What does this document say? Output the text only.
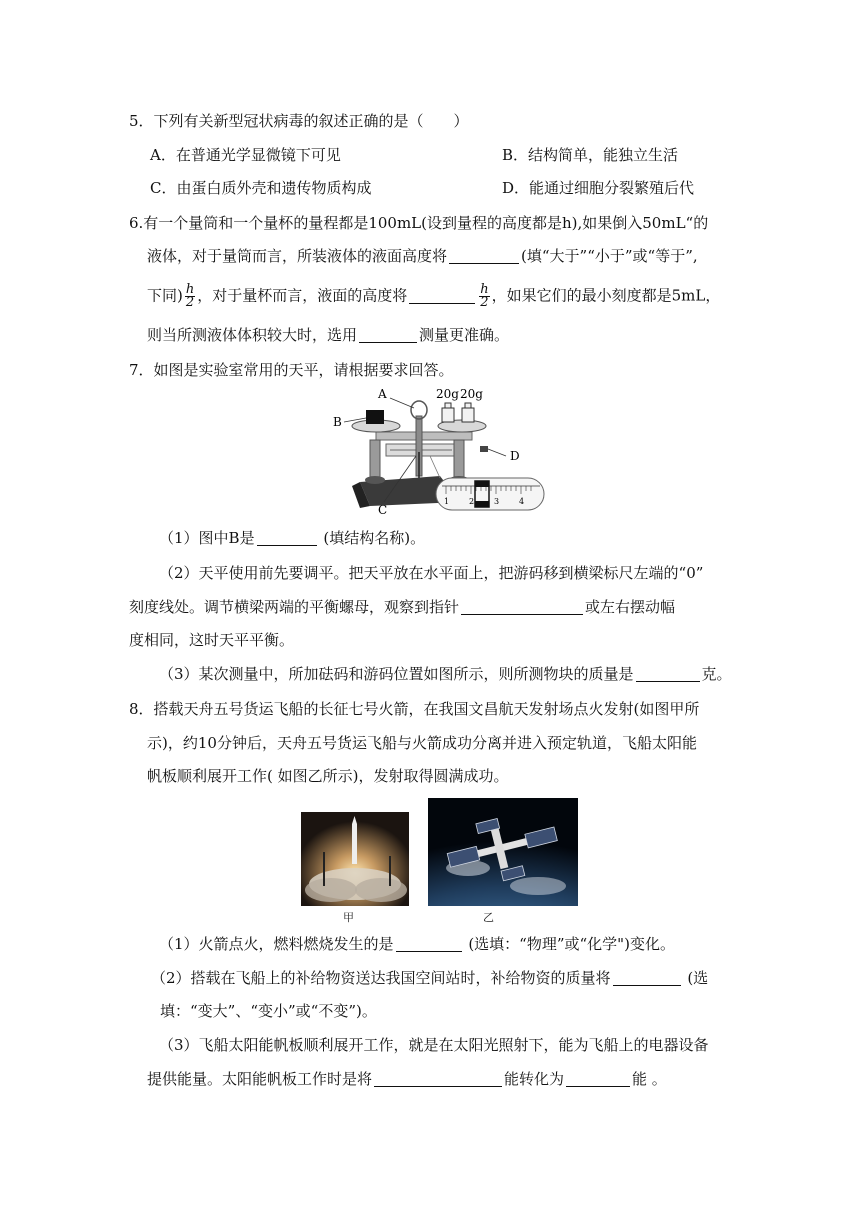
5．下列有关新型冠状病毒的叙述正确的是（　　）
A．在普通光学显微镜下可见	B．结构简单，能独立生活
C．由蛋白质外壳和遗传物质构成	D．能通过细胞分裂繁殖后代
6.有一个量筒和一个量杯的量程都是100mL(设到量程的高度都是h),如果倒入50mL“的
液体，对于量筒而言，所装液体的液面高度将	(填“大于”“小于”或“等于”,
下同) $\frac{h}{2}$ ，对于量杯而言，液面的高度将	$\frac{h}{2}$ ，如果它们的最小刻度都是5mL，
则当所测液体体积较大时，选用	测量更准确。
7．如图是实验室常用的天平，请根据要求回答。
B
A	20g 20g
D
C
1 2 3 4
（1）图中B是	(填结构名称)。
（2）天平使用前先要调平。把天平放在水平面上，把游码移到横梁标尺左端的“0”
刻度线处。调节横梁两端的平衡螺母，观察到指针	或左右摆动幅
度相同，这时天平平衡。
（3）某次测量中，所加砝码和游码位置如图所示，则所测物块的质量是	克。
8．搭载天舟五号货运飞船的长征七号火箭，在我国文昌航天发射场点火发射(如图甲所
示)，约10分钟后，天舟五号货运飞船与火箭成功分离并进入预定轨道，飞船太阳能
帆板顺利展开工作( 如图乙所示)，发射取得圆满成功。
甲	乙
（1）火箭点火，燃料燃烧发生的是	(选填：“物理”或“化学")变化。
（2）搭载在飞船上的补给物资送达我国空间站时，补给物资的质量将	(选
填：“变大”、“变小”或“不变”)。
（3）飞船太阳能帆板顺利展开工作，就是在太阳光照射下，能为飞船上的电器设备
提供能量。太阳能帆板工作时是将	能转化为	能 。
